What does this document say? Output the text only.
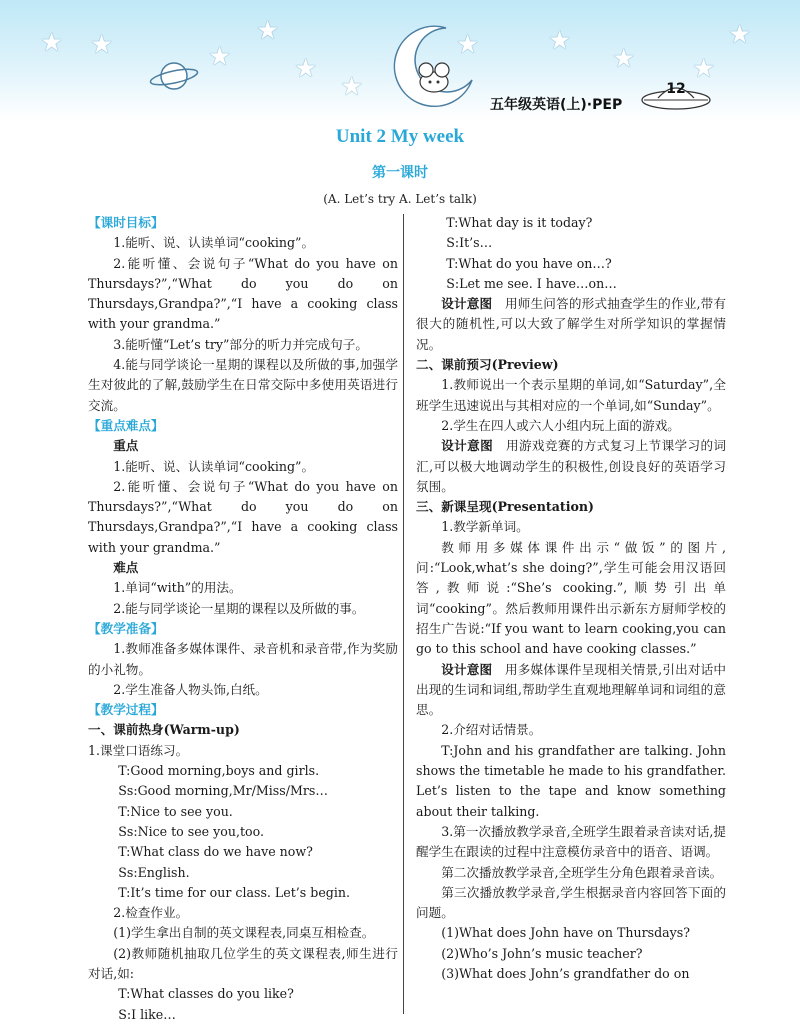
★ ★	★
★ ★
★
★	★
★ ★
★
五年级英语(上)·PEP
12
Unit 2 My week
第一课时
(A. Let’s try A. Let’s talk)

【课时目标】

1.能听、说、认读单词“cooking”。

2.能听懂、会说句子“What do you have on Thursdays?”,“What do you do on Thursdays,Grandpa?”,“I have a cooking class with your grandma.”

3.能听懂“Let’s try”部分的听力并完成句子。

4.能与同学谈论一星期的课程以及所做的事,加强学生对彼此的了解,鼓励学生在日常交际中多使用英语进行交流。

【重点难点】

重点

1.能听、说、认读单词“cooking”。

2.能听懂、会说句子“What do you have on Thursdays?”,“What do you do on Thursdays,Grandpa?”,“I have a cooking class with your grandma.”

难点

1.单词“with”的用法。

2.能与同学谈论一星期的课程以及所做的事。

【教学准备】

1.教师准备多媒体课件、录音机和录音带,作为奖励的小礼物。

2.学生准备人物头饰,白纸。

【教学过程】

一、课前热身(Warm-up)

1.课堂口语练习。

T:Good morning,boys and girls.

Ss:Good morning,Mr/Miss/Mrs…

T:Nice to see you.

Ss:Nice to see you,too.

T:What class do we have now?

Ss:English.

T:It’s time for our class. Let’s begin.

2.检查作业。

(1)学生拿出自制的英文课程表,同桌互相检查。

(2)教师随机抽取几位学生的英文课程表,师生进行对话,如:

T:What classes do you like?

S:I like…

T:What day is it today?

S:It’s…

T:What do you have on…?

S:Let me see. I have…on…

设计意图  用师生问答的形式抽查学生的作业,带有很大的随机性,可以大致了解学生对所学知识的掌握情况。

二、课前预习(Preview)

1.教师说出一个表示星期的单词,如“Saturday”,全班学生迅速说出与其相对应的一个单词,如“Sunday”。

2.学生在四人或六人小组内玩上面的游戏。

设计意图  用游戏竞赛的方式复习上节课学习的词汇,可以极大地调动学生的积极性,创设良好的英语学习氛围。

三、新课呈现(Presentation)

1.教学新单词。

教师用多媒体课件出示“做饭”的图片,问:“Look,what’s she doing?”,学生可能会用汉语回答,教师说:“She’s cooking.”,顺势引出单词“cooking”。然后教师用课件出示新东方厨师学校的招生广告说:“If you want to learn cooking,you can go to this school and have cooking classes.”

设计意图  用多媒体课件呈现相关情景,引出对话中出现的生词和词组,帮助学生直观地理解单词和词组的意思。

2.介绍对话情景。

T:John and his grandfather are talking. John shows the timetable he made to his grandfather. Let’s listen to the tape and know something about their talking.

3.第一次播放教学录音,全班学生跟着录音读对话,提醒学生在跟读的过程中注意模仿录音中的语音、语调。

第二次播放教学录音,全班学生分角色跟着录音读。

第三次播放教学录音,学生根据录音内容回答下面的问题。

(1)What does John have on Thursdays?

(2)Who’s John’s music teacher?

(3)What does John’s grandfather do on
